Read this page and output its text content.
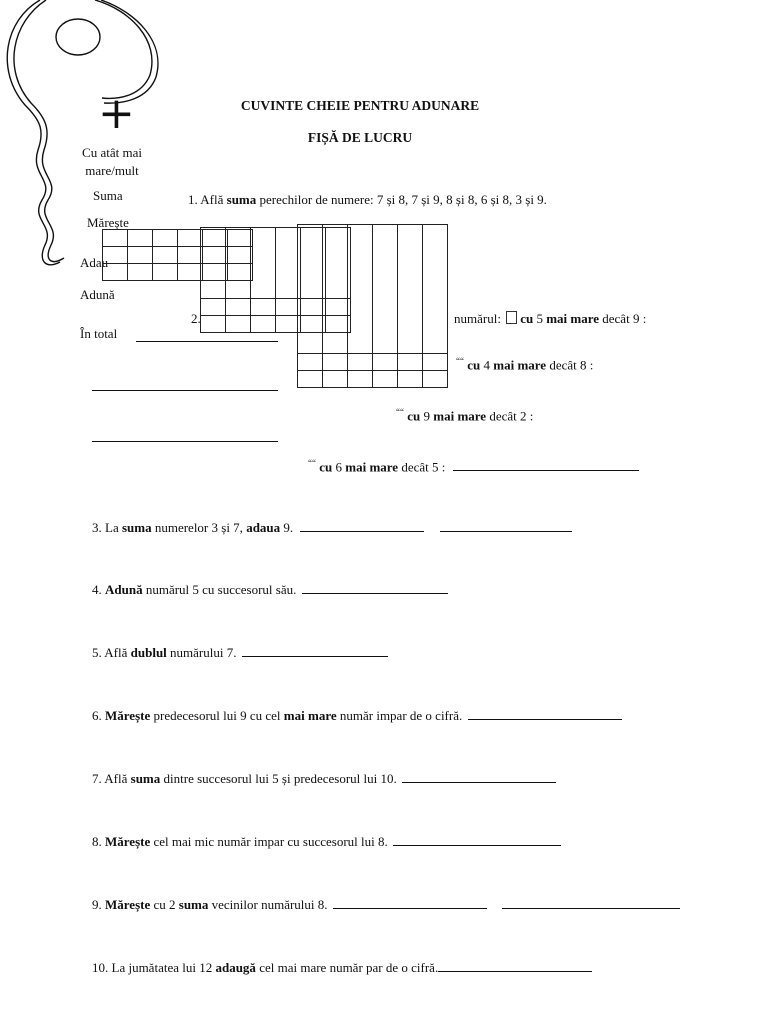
CUVINTE CHEIE PENTRU ADUNARE
FIȘĂ DE LUCRU
+
Cu atât mai
mare/mult
Suma
Mărește
Adau
Adună
În total
1. Află suma perechilor de numere: 7 și 8, 7 și 9, 8 și 8, 6 și 8, 3 și 9.

2.	numărul: cu 5 mai mare decât 9 :
““ cu 4 mai mare decât 8 :
““ cu 9 mai mare decât 2 :
““ cu 6 mai mare decât 5 :
3. La suma numerelor 3 și 7, adaua 9.
4. Adună numărul 5 cu succesorul său.
5. Află dublul numărului 7.
6. Mărește predecesorul lui 9 cu cel mai mare număr impar de o cifră.
7. Află suma dintre succesorul lui 5 și predecesorul lui 10.
8. Mărește cel mai mic număr impar cu succesorul lui 8.
9. Mărește cu 2 suma vecinilor numărului 8.
10. La jumătatea lui 12 adaugă cel mai mare număr par de o cifră.
